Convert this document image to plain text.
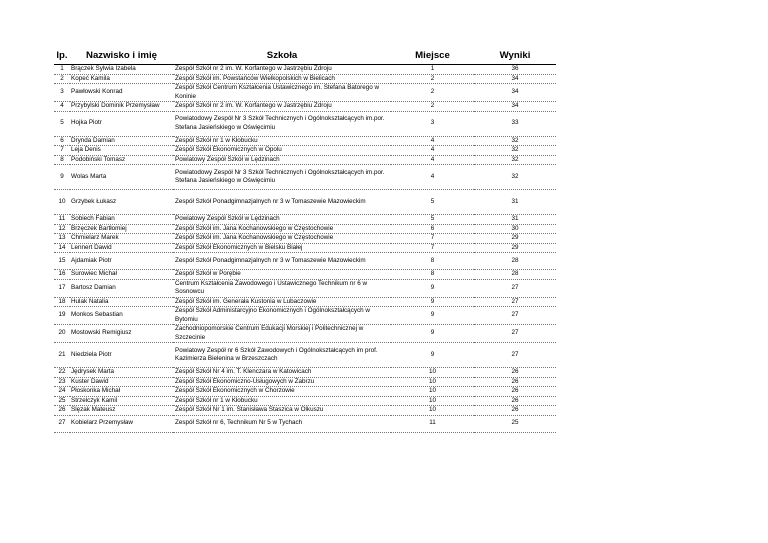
lp.	Nazwisko i imię	Szkoła	Miejsce	Wyniki
1	Brączek Sylwia Izabela	Zespół Szkół nr 2 im. W. Korfantego w Jastrzębiu Zdroju	1	36
2	Kopeć Kamila	Zespół Szkół im. Powstańców Wielkopolskich w Bielicach	2	34
3	Pawłowski Konrad	Zespół Szkół Centrum Kształcenia Ustawicznego im. Stefana Batorego w Koninie	2	34
4	Przybylski Dominik Przemysław	Zespół Szkół nr 2 im. W. Korfantego w Jastrzębiu Zdroju	2	34
5	Hojka Piotr	Powiatodowy Zespół Nr 3 Szkół Technicznych i Ogólnokształcących im.por. Stefana Jasieńskiego w Oświęcimiu	3	33
6	Drynda Damian	Zespół Szkół nr 1 w Kłobucku	4	32
7	Leja Denis	Zespół Szkół Ekonomicznych w Opolu	4	32
8	Podobiński Tomasz	Powiatowy Zespół Szkół w Lędzinach	4	32
9	Wolas Marta	Powiatodowy Zespół Nr 3 Szkół Technicznych i Ogólnokształcących im.por. Stefana Jasieńskiego w Oświęcimiu	4	32
10	Grzybek Łukasz	Zespół Szkół Ponadgimnazjalnych nr 3 w Tomaszewie Mazowieckim	5	31
11	Sobiech Fabian	Powiatowy Zespół Szkół w Lędzinach	5	31
12	Brzęczek Bartłomiej	Zespół Szkół im. Jana Kochanowskiego w Częstochowie	6	30
13	Chmielarz Marek	Zespół Szkół im. Jana Kochanowskiego w Częstochowie	7	29
14	Lennert Dawid	Zespół Szkół Ekonomicznych w Bielsku Białej	7	29
15	Ajdamiak Piotr	Zespół Szkół Ponadgimnazjalnych nr 3 w Tomaszewie Mazowieckim	8	28
16	Surowiec Michał	Zespół Szkół w Porębie	8	28
17	Bartosz Damian	Centrum Kształcenia Zawodowego i Ustawicznego Technikum nr 6 w Sosnowcu	9	27
18	Hulak Natalia	Zespół Szkół im. Generała Kustonia w Lubaczowie	9	27
19	Monkos Sebastian	Zespół Szkół Administarcyjno Ekonomicznych i Ogólnokształcących w Bytomiu	9	27
20	Mostowski Remigiusz	Zachodniopomorskie Centrum Edukacji Morskiej i Politechnicznej w Szczecinie	9	27
21	Niedziela Piotr	Powiatowy Zespół nr 6 Szkół Zawodowych i Ogólnokształcących im prof. Kazimierza Bielenina w Brzeszczach	9	27
22	Jędrysek Marta	Zespół Szkół Nr 4 im. T. Klenczara w Katowicach	10	26
23	Kuster Dawid	Zespół Szkół Ekonomiczno-Usługowych w Zabrzu	10	26
24	Płoskonka Michał	Zespół Szkół Ekonomicznych w Chorzowie	10	26
25	Strzelczyk Kamil	Zespół Szkół nr 1 w Kłobucku	10	26
26	Ślęzak Mateusz	Zespół Szkół Nr 1 im. Stanisława Staszica w Olkuszu	10	26
27	Kobielarz Przemysław	Zespół Szkół nr 6, Technikum Nr 5 w Tychach	11	25
